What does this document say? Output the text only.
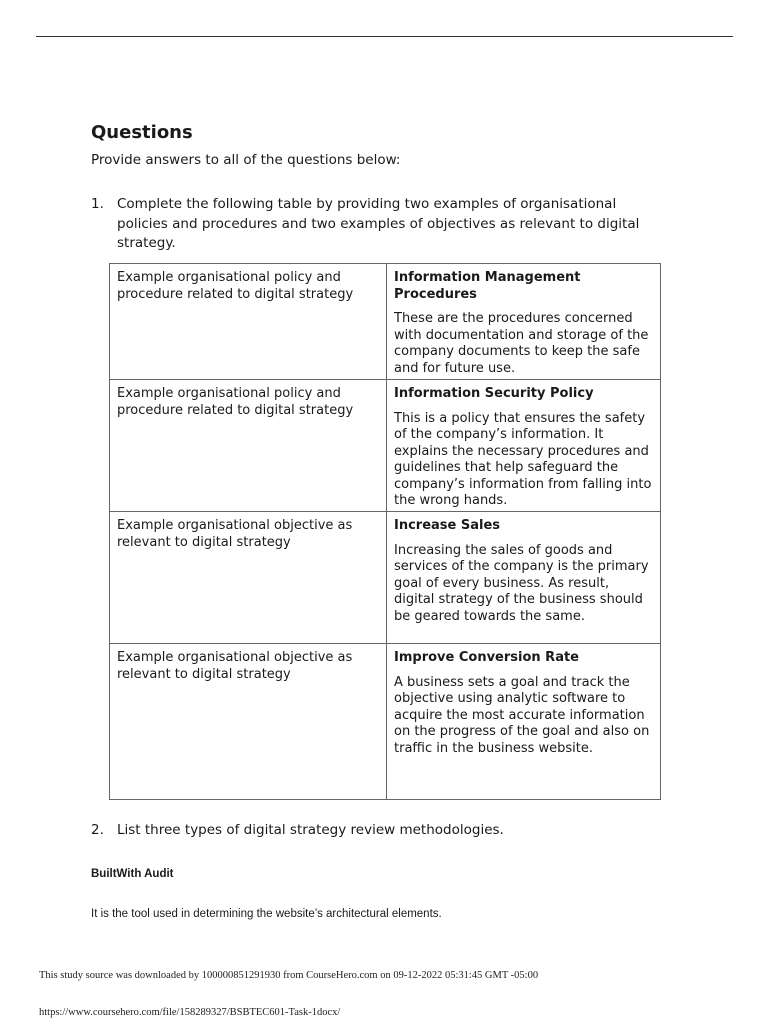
Questions
Provide answers to all of the questions below:
1. Complete the following table by providing two examples of organisational policies and procedures and two examples of objectives as relevant to digital strategy.
Example organisational policy and procedure related to digital strategy	Information Management Procedures
These are the procedures concerned with documentation and storage of the company documents to keep the safe and for future use.

Example organisational policy and procedure related to digital strategy	Information Security Policy
This is a policy that ensures the safety of the company’s information. It explains the necessary procedures and guidelines that help safeguard the company’s information from falling into the wrong hands.

Example organisational objective as relevant to digital strategy	Increase Sales
Increasing the sales of goods and services of the company is the primary goal of every business. As result, digital strategy of the business should be geared towards the same.

Example organisational objective as relevant to digital strategy	Improve Conversion Rate
A business sets a goal and track the objective using analytic software to acquire the most accurate information on the progress of the goal and also on traffic in the business website.
2. List three types of digital strategy review methodologies.
BuiltWith Audit
It is the tool used in determining the website’s architectural elements.
This study source was downloaded by 100000851291930 from CourseHero.com on 09-12-2022 05:31:45 GMT -05:00
https://www.coursehero.com/file/158289327/BSBTEC601-Task-1docx/
